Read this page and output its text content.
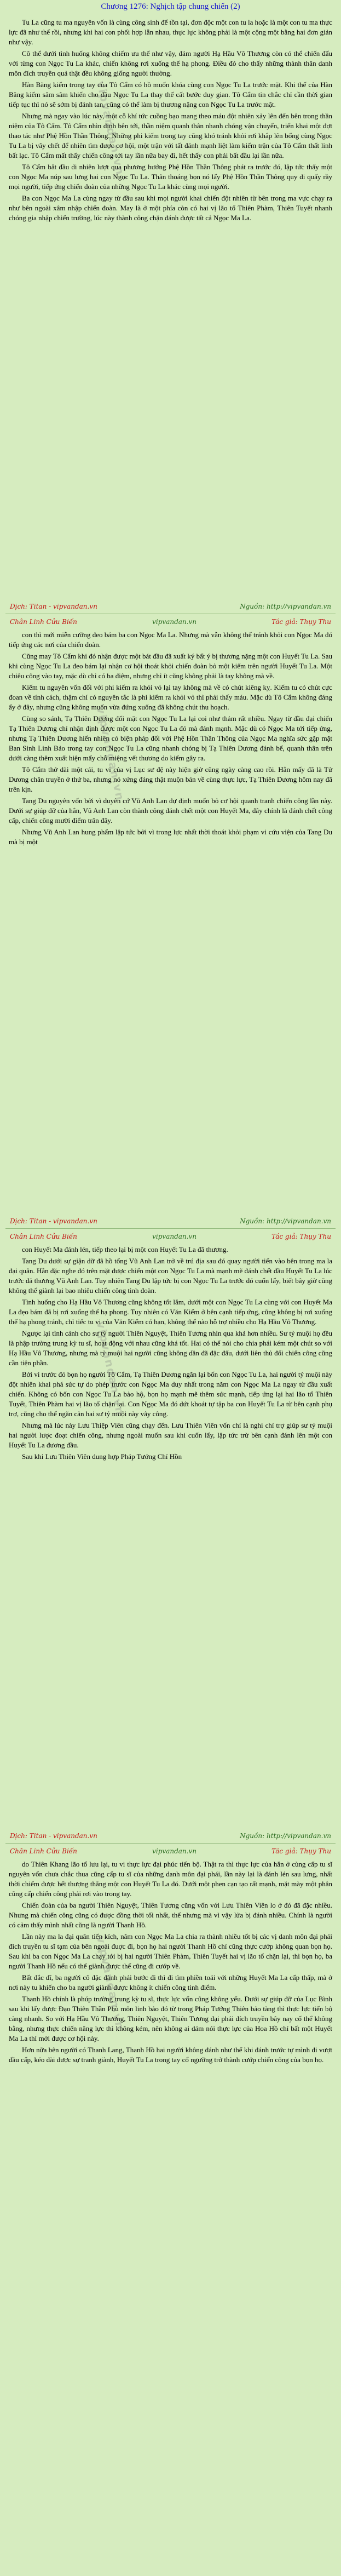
Chương 1276: Nghịch tập chung chiến (2)

Tu La cũng tu ma nguyên vốn là cùng công sinh để tồn tại, đơn độc một con tu la hoặc là một con tu ma thực lực đã như thế rồi, nhưng khi hai con phối hợp lẫn nhau, thực lực không phải là một cộng một bằng hai đơn giản như vậy.

Cô thể dưới tình huống không chiếm ưu thế như vậy, đám người Hạ Hầu Vô Thương còn có thể chiến đấu với từng con Ngọc Tu La khác, chiến không rơi xuống thế hạ phong. Điều đó cho thấy những thành thân danh môn đích truyền quả thật đều không giống người thường.

Hàn Băng kiếm trong tay của Tô Cẩm có hồ muốn khóa cùng con Ngọc Tu La trước mặt. Khi thế của Hàn Băng kiếm sâm sâm khiến cho đầu Ngọc Tu La thay thế cất bước duy gian. Tô Cẩm tin chắc chỉ cần thời gian tiếp tục thì nó sẽ sớm bị đánh tan, cũng có thể làm bị thương nặng con Ngọc Tu La trước mặt.

Nhưng mà ngay vào lúc này, một cỗ khí tức cuồng bạo mang theo máu đột nhiên xảy lên đến bên trong thần niệm của Tô Cẩm. Tô Cẩm nhìn định bên tới, thần niệm quanh thân nhanh chóng vận chuyển, triển khai một đợt thao tác như Phệ Hồn Thần Thông. Những phi kiếm trong tay cũng khó tránh khỏi rơi khắp lên bổng cùng Ngọc Tu La bị vây chết để nhiên tìm được cơ hội, một trận với tất đánh mạnh liệt làm kiếm trận của Tô Cẩm thất linh bất lạc. Tô Cẩm mất thấy chiến công tới tay lần nữa bay đi, hết thấy con phải bất đầu lại lần nữa.

Tô Cẩm bắt đầu di nhiên lượt qua phương hướng Phệ Hồn Thần Thông phát ra trước đó, lập tức thấy một con Ngọc Ma núp sau lưng hai con Ngọc Tu La. Thân thoáng bọn nó lấy Phệ Hồn Thần Thông quy di quấy rầy mọi người, tiếp ứng chiến đoàn của những Ngọc Tu La khác cùng mọi người.

Ba con Ngọc Ma La cùng ngay từ đầu sau khi mọi người khai chiến đột nhiên từ bên trong ma vực chạy ra như bên ngoài xâm nhập chiến đoàn. May là ở một phía còn có hai vị lão tổ Thiên Phàm, Thiên Tuyết nhanh chóng gia nhập chiến trường, lúc này thành công chặn đánh được tất cả Ngọc Ma La.

vipvandan.vn
Dịch: Titan - vipvandan.vn	Nguồn: http://vipvandan.vn
Chân Linh Cửu Biến	vipvandan.vn	Tác giả: Thụy Thu

con thì mới miễn cưỡng đeo bám ba con Ngọc Ma La. Nhưng mà vẫn không thể tránh khỏi con Ngọc Ma đó tiếp ứng các nơi của chiến đoàn.

Cũng may Tô Cẩm khi đó nhận được một bát đầu đã xuất ký bất ý bị thương nặng một con Huyết Tu La. Sau khi cùng Ngọc Tu La đeo bám lại nhận cơ hội thoát khỏi chiến đoàn bỏ một kiếm trên người Huyết Tu La. Một chiêu công vào tay, mặc dù chỉ có ba điệm, nhưng chỉ ít cũng không phải là tay không mà về.

Kiếm tu nguyên vốn đối với phi kiếm ra khỏi vỏ lại tay không mà về có chút kiêng kỵ. Kiếm tu có chút cực đoan về tính cách, thậm chí có nguyên tắc là phi kiếm ra khỏi vỏ thì phải thấy máu. Mặc dù Tô Cẩm không đáng ấy ở đây, nhưng cũng không muốn vừa đứng xuống đã không chút thu hoạch.

Cùng so sánh, Tạ Thiên Dương đối mặt con Ngọc Tu La lại coi như thảm rất nhiều. Ngay từ đầu đại chiến Tạ Thiên Dương chỉ nhận định được một con Ngọc Tu La đó mà đánh mạnh. Mặc dù có Ngọc Ma tới tiếp ứng, nhưng Tạ Thiên Dương hiển nhiên có biện pháp đối với Phệ Hồn Thần Thông của Ngọc Ma nghĩa sức gặp mặt Ban Sinh Linh Bảo trong tay con Ngọc Tu La cũng nhanh chóng bị Tạ Thiên Dương đánh bể, quanh thân trên dưới càng thêm xuất hiện mấy chỗ miệng vết thương do kiếm gây ra.

Tô Cẩm thở dài một cái, tu vi của vị Lục sư đệ này hiện giờ cũng ngày càng cao rồi. Hẳn mấy đã là Tử Dương chân truyền ở thứ ba, nhưng nó xứng đáng thật muộn bán về cùng thực lực, Tạ Thiên Dương hôm nay đã trên kịn.

Tang Du nguyên vốn bởi vì duyên cớ Vũ Anh Lan dự định muốn bỏ cơ hội quanh tranh chiến công lần này. Dưới sự giúp đỡ của hắn, Vũ Anh Lan còn thành công đánh chết một con Huyết Ma, đây chính là đánh chết công cấp, chiến công mười điểm trân đây.

Nhưng Vũ Anh Lan hung phẩm lập tức bởi vì trong lực nhất thời thoát khỏi phạm vi cứu viện của Tang Du mà bị một

vipvandan.vn
Dịch: Titan - vipvandan.vn	Nguồn: http://vipvandan.vn
Chân Linh Cửu Biến	vipvandan.vn	Tác giả: Thụy Thu

con Huyết Ma đánh lén, tiếp theo lại bị một con Huyết Tu La đã thương.

Tang Du dưới sự giận dữ đã hồ tổng Vũ Anh Lan trở về trú địa sau đó quay người tiến vào bên trong ma la đại quân. Hắn đặc nghe đó trên mặt được chiến một con Ngọc Tu La mà mạnh mẽ đánh chết đầu Huyết Tu La lúc trước đả thương Vũ Anh Lan. Tuy nhiên Tang Du lập tức bị con Ngọc Tu La trước đó cuốn lấy, biết bây giờ cũng không thể giành lại bao nhiêu chiến công tinh đoàn.

Tình huống cho Hạ Hầu Vô Thương cũng không tốt lắm, dưới một con Ngọc Tu La cùng với con Huyết Ma La đẹo bám đã bị rơi xuống thế hạ phong. Tuy nhiên có Văn Kiếm ở bên cạnh tiếp ứng, cũng không bị rơi xuống thế hạ phong tránh, chỉ tiếc tu vi của Văn Kiếm có hạn, không thể nào hỗ trợ nhiều cho Hạ Hầu Vô Thương.

Ngược lại tình cảnh cho sư tỷ người Thiên Nguyệt, Thiên Tương nhìn qua khả hơn nhiều. Sư tỷ muội họ đều là phập trường trung kỳ tu sĩ, hoạt động với nhau cũng khá tốt. Hai có thể nói cho chia phái kém một chút so với Hạ Hầu Vô Thương, nhưng mà tỷ muội hai người cũng không dần đã đặc đấu, dưới liên thủ đổi chiến công cũng cần tiện phần.

Bởi vì trước đó bọn họ người Tô Cẩm, Tạ Thiên Dương ngăn lại bốn con Ngọc Tu La, hai người tỷ muội này đột nhiên khai phá sức tự do phép trước con Ngọc Ma duy nhất trong năm con Ngọc Ma La ngay từ đầu xuất chiến. Không có bốn con Ngọc Tu La bảo hộ, bọn họ mạnh mẽ thêm sức mạnh, tiếp ứng lại hai lão tổ Thiên Tuyết, Thiên Phàm hai vị lão tổ chặn lại. Con Ngọc Ma đó dứt khoát tự tập ba con Huyết Tu La từ bên cạnh phụ trợ, cũng cho thể ngăn cản hai sư tỷ muội này vây công.

Nhưng mà lúc này Lưu Thiệp Viên cũng chạy đến. Lưu Thiên Viên vốn chỉ là nghi chỉ trợ giúp sư tỷ muội hai người lược đoạt chiến công, nhưng ngoài muốn sau khi cuốn lấy, lập tức trừ bên cạnh đánh lên một con Huyết Tu La đương đầu.

Sau khi Lưu Thiên Viên dung hợp Pháp Tướng Chí Hồn

vipvandan.vn
Dịch: Titan - vipvandan.vn	Nguồn: http://vipvandan.vn
Chân Linh Cửu Biến	vipvandan.vn	Tác giả: Thụy Thu

do Thiên Khang lão tổ lưu lại, tu vi thực lực đại phúc tiến bộ. Thật ra thì thực lực của hắn ở cùng cấp tu sĩ nguyên vốn chưa chắc thua cũng cấp tu sĩ của những danh môn đại phái, lần này lại là đánh lén sau lưng, nhất thời chiếm được hết thượng thẳng một con Huyết Tu La đó. Dưới một phen cạn tạo rất mạnh, mặt mày một phân cũng cấp chiến công phải rơi vào trong tay.

Chiến đoàn của ba người Thiên Nguyệt, Thiên Tương cũng vốn với Lưu Thiên Viên lo ở đó đã đặc nhiều. Nhưng mà chiến công cũng có được đồng thời tối nhất, thế nhưng mà vì vậy lửa bị đánh nhiều. Chính là người có cảm thấy mình nhất cũng là người Thanh Hồ.

Lần này ma la đại quân tiến kích, năm con Ngọc Ma La chia ra thành nhiều tốt bị các vị danh môn đại phái đích truyền tu sĩ tạm của bên ngoài đuợc đi, bọn họ hai người Thanh Hồ chỉ cũng thực cướp không quan bọn họ. Sau khi ba con Ngọc Ma La chạy tới bị hai người Thiên Phàm, Thiên Tuyết hai vị lão tổ chặn lại, thì bọn họ, ba người Thanh Hồ nếu có thể giành được thế cũng đi cướp về.

Bất đắc dĩ, ba người cô đặc đành phải bước đi thì đi tìm phiền toái với những Huyết Ma La cấp thấp, mà ở nơi này tu khiến cho ba người giành được không ít chiến công tinh điểm.

Thanh Hồ chính là phúp trường trung kỳ tu sĩ, thực lực vốn cũng không yếu. Dưới sự giúp đỡ của Lục Bình sau khi lấy được Đạo Thiên Thần Phù môn linh bảo đó từ trong Pháp Tướng Thiên bảo tàng thì thực lực tiến bộ càng nhanh. So với Hạ Hầu Vô Thương, Thiên Nguyệt, Thiên Tương đại phái đích truyền bây nay cố thể không bằng, nhưng thực chiến năng lực thì không kém, nên không ai dám nói thực lực của Hoa Hồ chỉ bất một Huyết Ma La thì mới được cơ hội này.

Hơn nữa bên người có Thanh Lang, Thanh Hồ hai người không đánh như thế khi đánh trước tự mình đi vượt đầu cấp, kéo dài được sự tranh giành, Huyết Tu La trong tay cổ ngưỡng trở thành cướp chiến công của bọn họ.

vipvandan.vn
